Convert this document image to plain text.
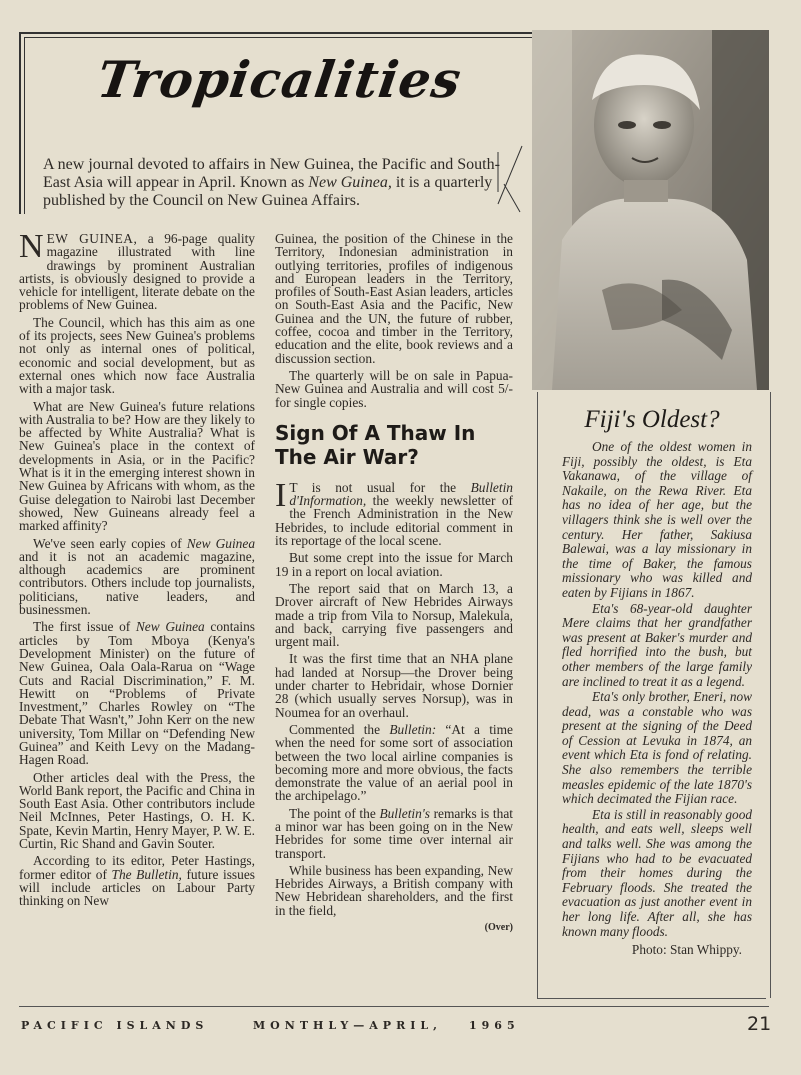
Tropicalities
A new journal devoted to affairs in New Guinea, the Pacific and South-East Asia will appear in April. Known as New Guinea, it is a quarterly published by the Council on New Guinea Affairs.

NEW GUINEA, a 96-page quality magazine illustrated with line drawings by prominent Australian artists, is obviously designed to provide a vehicle for intelligent, literate debate on the problems of New Guinea.

The Council, which has this aim as one of its projects, sees New Guinea's problems not only as internal ones of political, economic and social development, but as external ones which now face Australia with a major task.

What are New Guinea's future relations with Australia to be? How are they likely to be affected by White Australia? What is New Guinea's place in the context of developments in Asia, or in the Pacific? What is it in the emerging interest shown in New Guinea by Africans with whom, as the Guise delegation to Nairobi last December showed, New Guineans already feel a marked affinity?

We've seen early copies of New Guinea and it is not an academic magazine, although academics are prominent contributors. Others include top journalists, politicians, native leaders, and businessmen.

The first issue of New Guinea contains articles by Tom Mboya (Kenya's Development Minister) on the future of New Guinea, Oala Oala-Rarua on “Wage Cuts and Racial Discrimination,” F. M. Hewitt on “Problems of Private Investment,” Charles Rowley on “The Debate That Wasn't,” John Kerr on the new university, Tom Millar on “Defending New Guinea” and Keith Levy on the Madang-Hagen Road.

Other articles deal with the Press, the World Bank report, the Pacific and China in South East Asia. Other contributors include Neil McInnes, Peter Hastings, O. H. K. Spate, Kevin Martin, Henry Mayer, P. W. E. Curtin, Ric Shand and Gavin Souter.

According to its editor, Peter Hastings, former editor of The Bulletin, future issues will include articles on Labour Party thinking on New

Guinea, the position of the Chinese in the Territory, Indonesian administration in outlying territories, profiles of indigenous and European leaders in the Territory, profiles of South-East Asian leaders, articles on South-East Asia and the Pacific, New Guinea and the UN, the future of rubber, coffee, cocoa and timber in the Territory, education and the elite, book reviews and a discussion section.

The quarterly will be on sale in Papua-New Guinea and Australia and will cost 5/- for single copies.

Sign Of A Thaw In The Air War?

I T is not usual for the Bulletin d'Information, the weekly newsletter of the French Administration in the New Hebrides, to include editorial comment in its reportage of the local scene.

But some crept into the issue for March 19 in a report on local aviation.

The report said that on March 13, a Drover aircraft of New Hebrides Airways made a trip from Vila to Norsup, Malekula, and back, carrying five passengers and urgent mail.

It was the first time that an NHA plane had landed at Norsup—the Drover being under charter to Hebridair, whose Dornier 28 (which usually serves Norsup), was in Noumea for an overhaul.

Commented the Bulletin: “At a time when the need for some sort of association between the two local airline companies is becoming more and more obvious, the facts demonstrate the value of an aerial pool in the archipelago.”

The point of the Bulletin's remarks is that a minor war has been going on in the New Hebrides for some time over internal air transport.

While business has been expanding, New Hebrides Airways, a British company with New Hebridean shareholders, and the first in the field,

(Over)

Fiji's Oldest?

One of the oldest women in Fiji, possibly the oldest, is Eta Vakanawa, of the village of Nakaile, on the Rewa River. Eta has no idea of her age, but the villagers think she is well over the century. Her father, Sakiusa Balewai, was a lay missionary in the time of Baker, the famous missionary who was killed and eaten by Fijians in 1867.

Eta's 68-year-old daughter Mere claims that her grandfather was present at Baker's murder and fled horrified into the bush, but other members of the large family are inclined to treat it as a legend.

Eta's only brother, Eneri, now dead, was a constable who was present at the signing of the Deed of Cession at Levuka in 1874, an event which Eta is fond of relating. She also remembers the terrible measles epidemic of the late 1870's which decimated the Fijian race.

Eta is still in reasonably good health, and eats well, sleeps well and talks well. She was among the Fijians who had to be evacuated from their homes during the February floods. She treated the evacuation as just another event in her long life. After all, she has known many floods.

Photo: Stan Whippy.
PACIFIC ISLANDS	MONTHLY—APRIL, 1965	21
